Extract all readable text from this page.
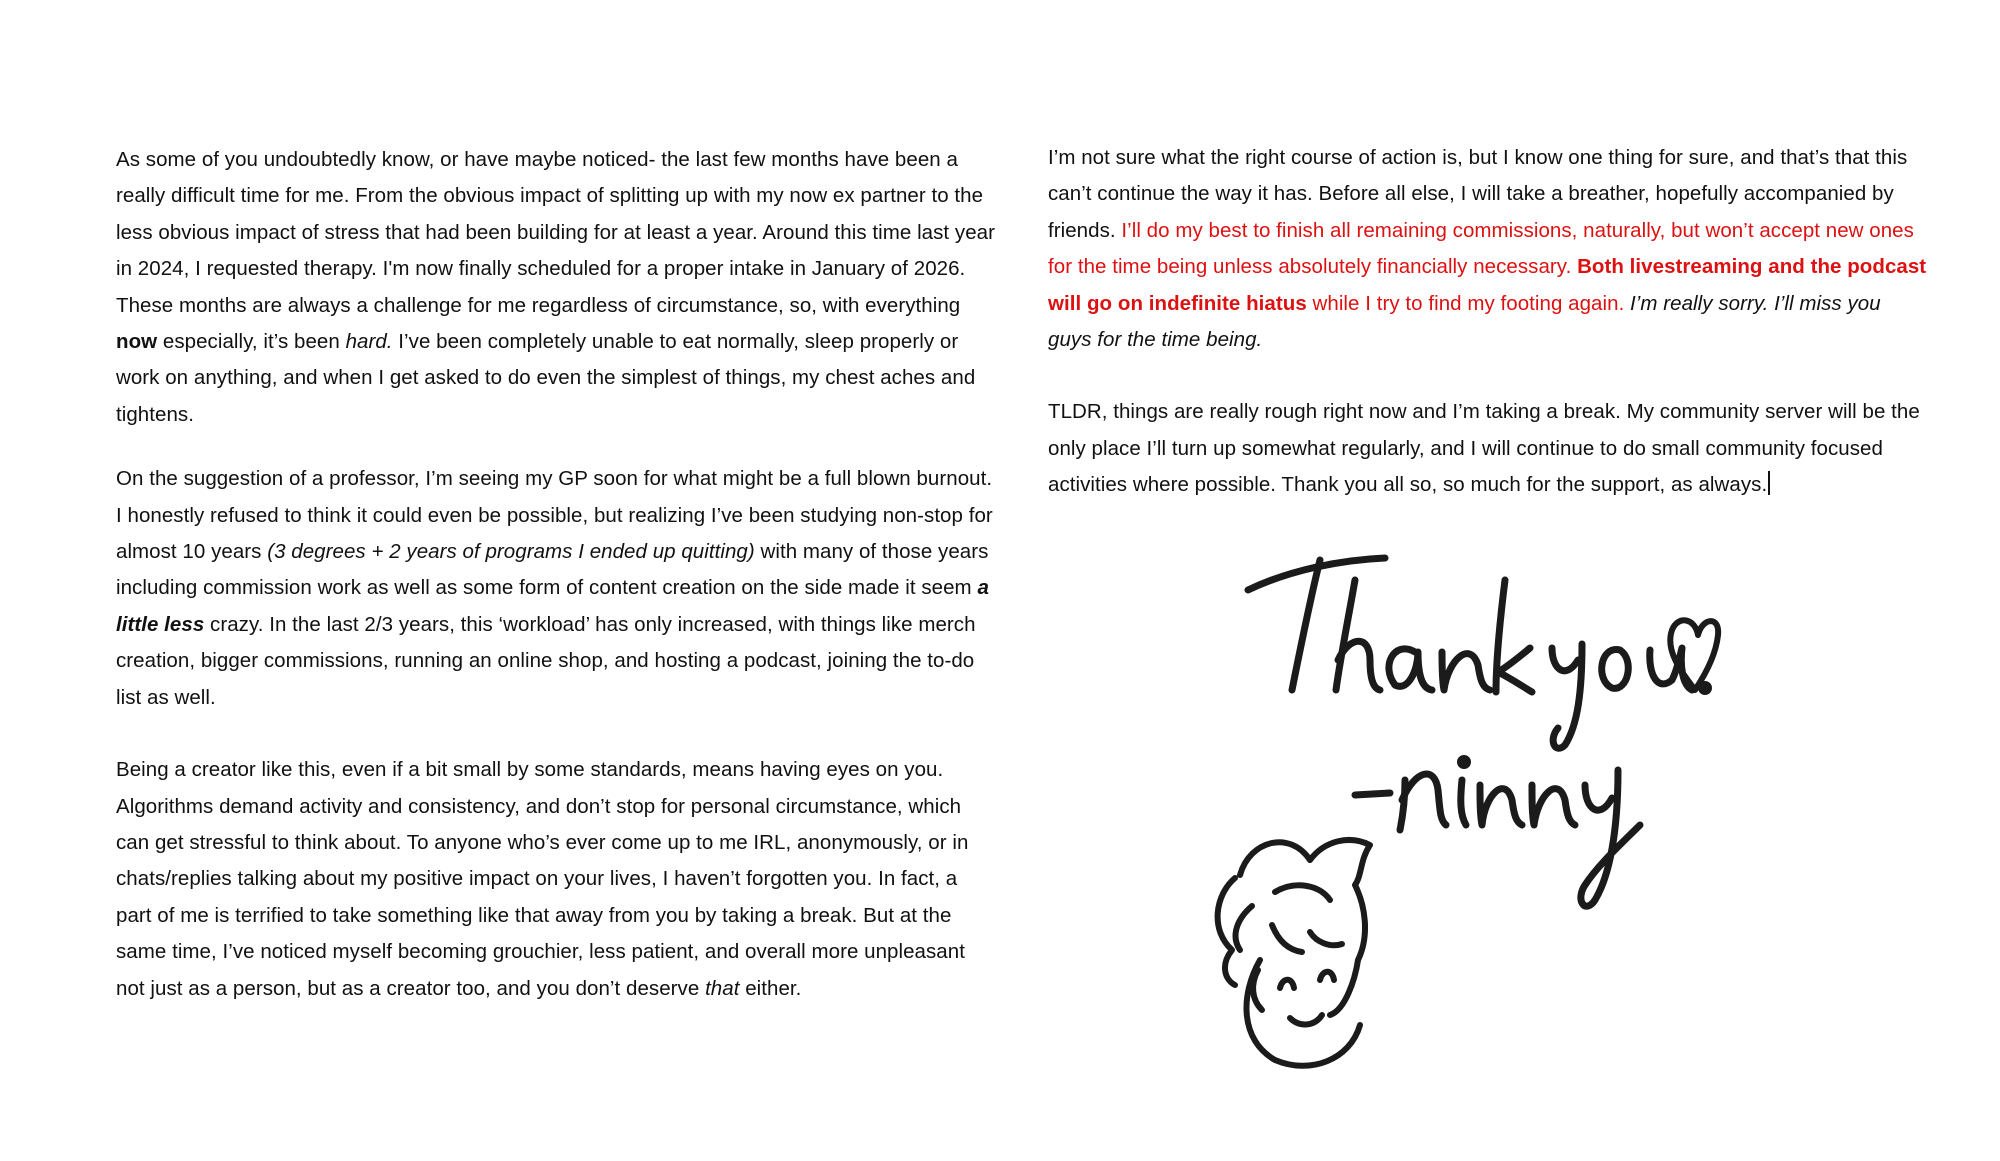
As some of you undoubtedly know, or have maybe noticed- the last few months have been a really difficult time for me. From the obvious impact of splitting up with my now ex partner to the less obvious impact of stress that had been building for at least a year. Around this time last year in 2024, I requested therapy. I'm now finally scheduled for a proper intake in January of 2026. These months are always a challenge for me regardless of circumstance, so, with everything now especially, it’s been hard. I’ve been completely unable to eat normally, sleep properly or work on anything, and when I get asked to do even the simplest of things, my chest aches and tightens.

On the suggestion of a professor, I’m seeing my GP soon for what might be a full blown burnout. I honestly refused to think it could even be possible, but realizing I’ve been studying non-stop for almost 10 years (3 degrees + 2 years of programs I ended up quitting) with many of those years including commission work as well as some form of content creation on the side made it seem a little less crazy. In the last 2/3 years, this ‘workload’ has only increased, with things like merch creation, bigger commissions, running an online shop, and hosting a podcast, joining the to-do list as well.

Being a creator like this, even if a bit small by some standards, means having eyes on you. Algorithms demand activity and consistency, and don’t stop for personal circumstance, which can get stressful to think about. To anyone who’s ever come up to me IRL, anonymously, or in chats/replies talking about my positive impact on your lives, I haven’t forgotten you. In fact, a part of me is terrified to take something like that away from you by taking a break. But at the same time, I’ve noticed myself becoming grouchier, less patient, and overall more unpleasant not just as a person, but as a creator too, and you don’t deserve that either.

I’m not sure what the right course of action is, but I know one thing for sure, and that’s that this can’t continue the way it has. Before all else, I will take a breather, hopefully accompanied by friends. I’ll do my best to finish all remaining commissions, naturally, but won’t accept new ones for the time being unless absolutely financially necessary. Both livestreaming and the podcast will go on indefinite hiatus while I try to find my footing again. I’m really sorry. I’ll miss you guys for the time being.

TLDR, things are really rough right now and I’m taking a break. My community server will be the only place I’ll turn up somewhat regularly, and I will continue to do small community focused activities where possible. Thank you all so, so much for the support, as always.
